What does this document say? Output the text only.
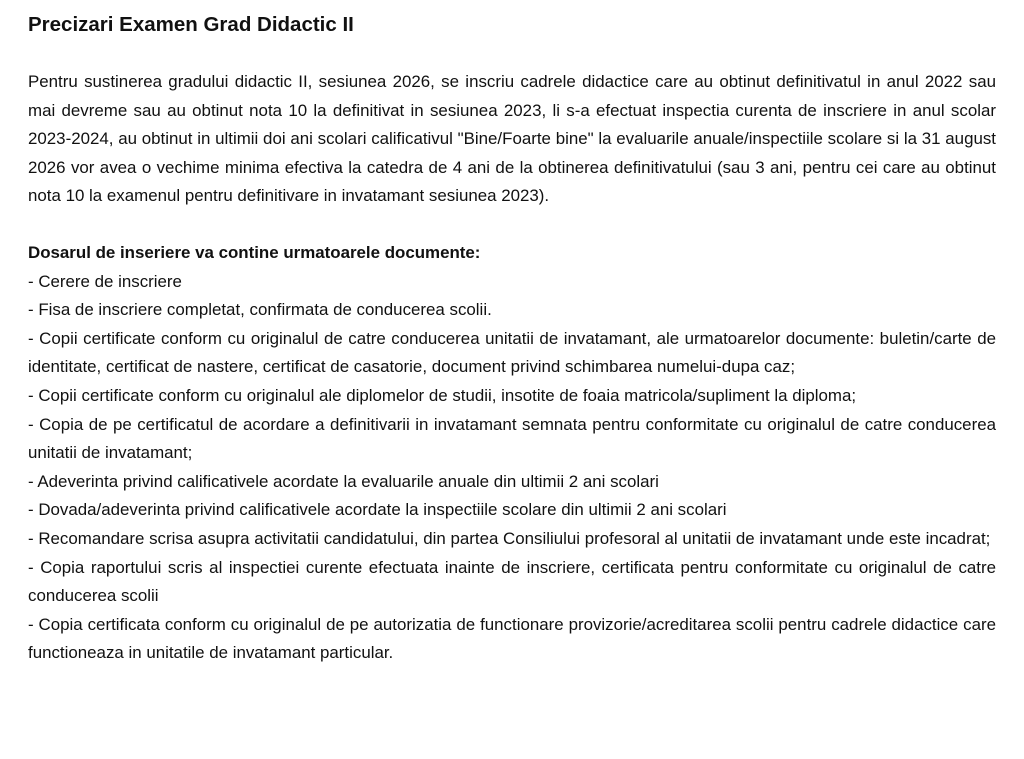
Precizari Examen Grad Didactic II

Pentru sustinerea gradului didactic II, sesiunea 2026, se inscriu cadrele didactice care au obtinut definitivatul in anul 2022 sau mai devreme sau au obtinut nota 10 la definitivat in sesiunea 2023, li s-a efectuat inspectia curenta de inscriere in anul scolar 2023-2024, au obtinut in ultimii doi ani scolari calificativul "Bine/Foarte bine" la evaluarile anuale/inspectiile scolare si la 31 august 2026 vor avea o vechime minima efectiva la catedra de 4 ani de la obtinerea definitivatului (sau 3 ani, pentru cei care au obtinut nota 10 la examenul pentru definitivare in invatamant sesiunea 2023).

Dosarul de inseriere va contine urmatoarele documente:

- Cerere de inscriere
- Fisa de inscriere completat, confirmata de conducerea scolii.
- Copii certificate conform cu originalul de catre conducerea unitatii de invatamant, ale urmatoarelor documente: buletin/carte de identitate, certificat de nastere, certificat de casatorie, document privind schimbarea numelui-dupa caz;
- Copii certificate conform cu originalul ale diplomelor de studii, insotite de foaia matricola/supliment la diploma;
- Copia de pe certificatul de acordare a definitivarii in invatamant semnata pentru conformitate cu originalul de catre conducerea unitatii de invatamant;
- Adeverinta privind calificativele acordate la evaluarile anuale din ultimii 2 ani scolari
- Dovada/adeverinta privind calificativele acordate la inspectiile scolare din ultimii 2 ani scolari
- Recomandare scrisa asupra activitatii candidatului, din partea Consiliului profesoral al unitatii de invatamant unde este incadrat;
- Copia raportului scris al inspectiei curente efectuata inainte de inscriere, certificata pentru conformitate cu originalul de catre conducerea scolii
- Copia certificata conform cu originalul de pe autorizatia de functionare provizorie/acreditarea scolii pentru cadrele didactice care functioneaza in unitatile de invatamant particular.
